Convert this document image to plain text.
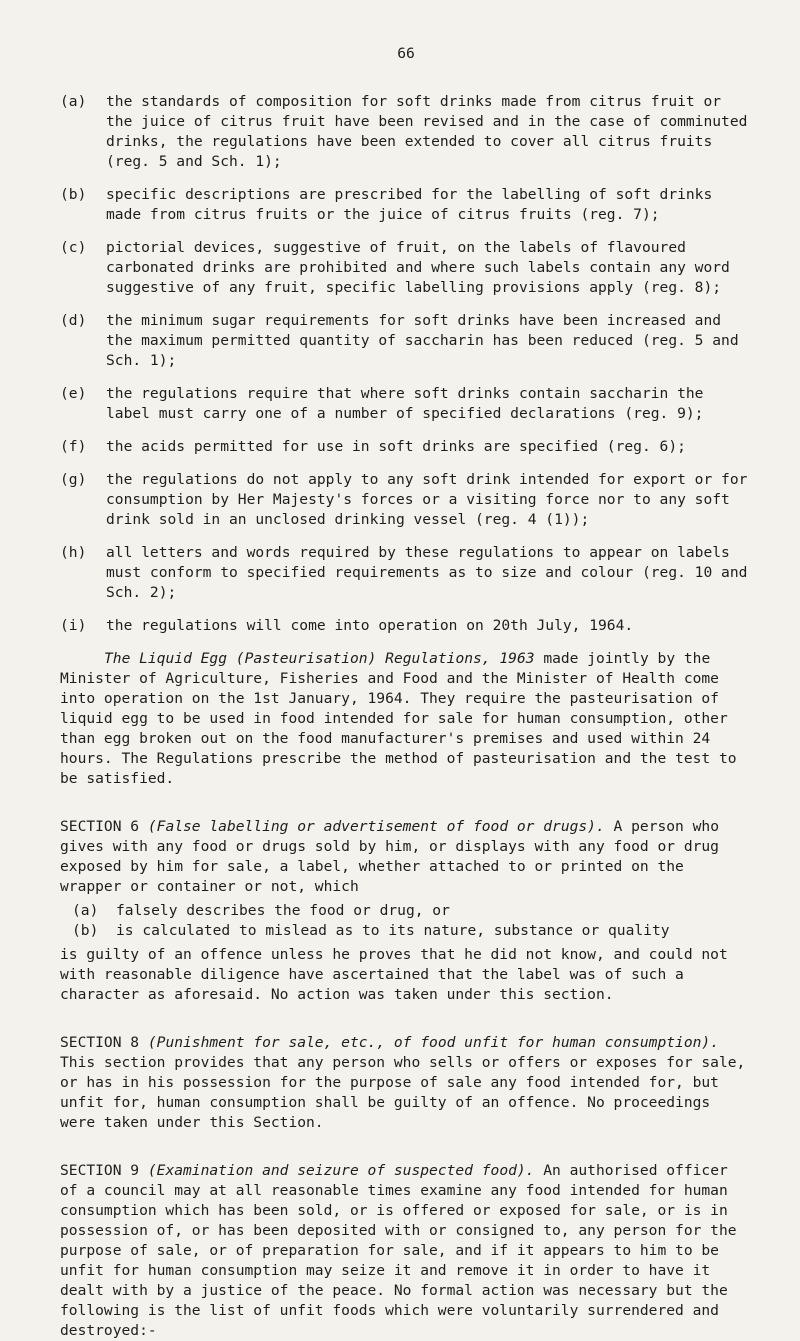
66
(a)	the standards of composition for soft drinks made from citrus fruit or the juice of citrus fruit have been revised and in the case of comminuted drinks, the regulations have been extended to cover all citrus fruits (reg. 5 and Sch. 1);
(b)	specific descriptions are prescribed for the labelling of soft drinks made from citrus fruits or the juice of citrus fruits (reg. 7);
(c)	pictorial devices, suggestive of fruit, on the labels of flavoured carbonated drinks are prohibited and where such labels contain any word suggestive of any fruit, specific labelling provisions apply (reg. 8);
(d)	the minimum sugar requirements for soft drinks have been increased and the maximum permitted quantity of saccharin has been reduced (reg. 5 and Sch. 1);
(e)	the regulations require that where soft drinks contain saccharin the label must carry one of a number of specified declarations (reg. 9);
(f)	the acids permitted for use in soft drinks are specified (reg. 6);
(g)	the regulations do not apply to any soft drink intended for export or for consumption by Her Majesty's forces or a visiting force nor to any soft drink sold in an unclosed drinking vessel (reg. 4 (1));
(h)	all letters and words required by these regulations to appear on labels must conform to specified requirements as to size and colour (reg. 10 and Sch. 2);
(i)	the regulations will come into operation on 20th July, 1964.

The Liquid Egg (Pasteurisation) Regulations, 1963 made jointly by the Minister of Agriculture, Fisheries and Food and the Minister of Health come into operation on the 1st January, 1964. They require the pasteurisation of liquid egg to be used in food intended for sale for human consumption, other than egg broken out on the food manufacturer's premises and used within 24 hours. The Regulations prescribe the method of pasteurisation and the test to be satisfied.

SECTION 6 (False labelling or advertisement of food or drugs). A person who gives with any food or drugs sold by him, or displays with any food or drug exposed by him for sale, a label, whether attached to or printed on the wrapper or container or not, which
(a)	falsely describes the food or drug, or
(b)	is calculated to mislead as to its nature, substance or quality
is guilty of an offence unless he proves that he did not know, and could not with reasonable diligence have ascertained that the label was of such a character as aforesaid. No action was taken under this section.
SECTION 8 (Punishment for sale, etc., of food unfit for human consumption). This section provides that any person who sells or offers or exposes for sale, or has in his possession for the purpose of sale any food intended for, but unfit for, human consumption shall be guilty of an offence. No proceedings were taken under this Section.
SECTION 9 (Examination and seizure of suspected food). An authorised officer of a council may at all reasonable times examine any food intended for human consumption which has been sold, or is offered or exposed for sale, or is in possession of, or has been deposited with or consigned to, any person for the purpose of sale, or of preparation for sale, and if it appears to him to be unfit for human consumption may seize it and remove it in order to have it dealt with by a justice of the peace. No formal action was necessary but the following is the list of unfit foods which were voluntarily surrendered and destroyed:-
